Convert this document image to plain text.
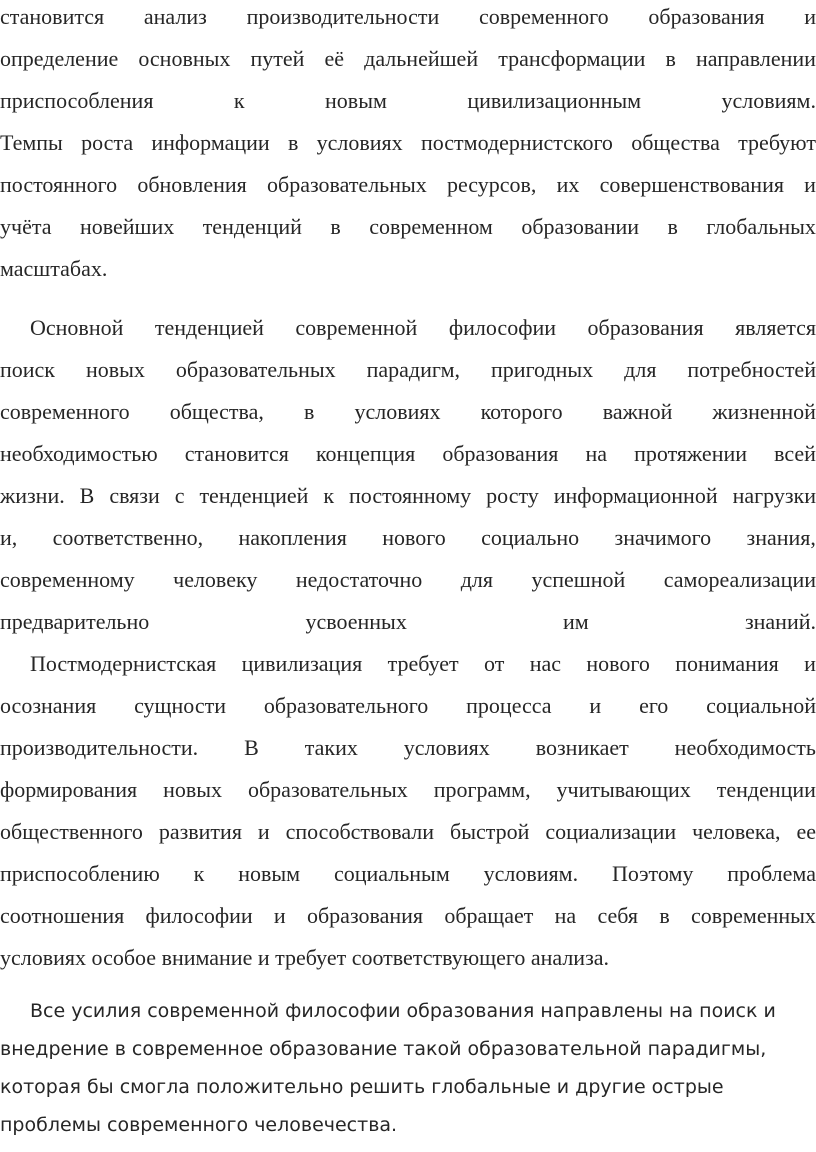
становится анализ производительности современного образования и
определение основных путей её дальнейшей трансформации в направлении
приспособления	к	новым	цивилизационным	условиям.
Темпы роста информации в условиях постмодернистского общества требуют
постоянного обновления образовательных ресурсов, их совершенствования и
учёта новейших тенденций в современном образовании в глобальных
масштабах.
Основной тенденцией современной философии образования является
поиск новых образовательных парадигм, пригодных для потребностей
современного общества, в условиях которого важной жизненной
необходимостью становится концепция образования на протяжении всей
жизни. В связи с тенденцией к постоянному росту информационной нагрузки
и, соответственно, накопления нового социально значимого знания,
современному человеку недостаточно для успешной самореализации
предварительно	усвоенных	им	знаний.
Постмодернистская цивилизация требует от нас нового понимания и
осознания сущности образовательного процесса и его социальной
производительности. В таких условиях возникает необходимость
формирования новых образовательных программ, учитывающих тенденции
общественного развития и способствовали быстрой социализации человека, ее
приспособлению к новым социальным условиям. Поэтому проблема
соотношения философии и образования обращает на себя в современных
условиях особое внимание и требует соответствующего анализа.
Все усилия современной философии образования направлены на поиск и
внедрение в современное образование такой образовательной парадигмы,
которая бы смогла положительно решить глобальные и другие острые
проблемы современного человечества.
